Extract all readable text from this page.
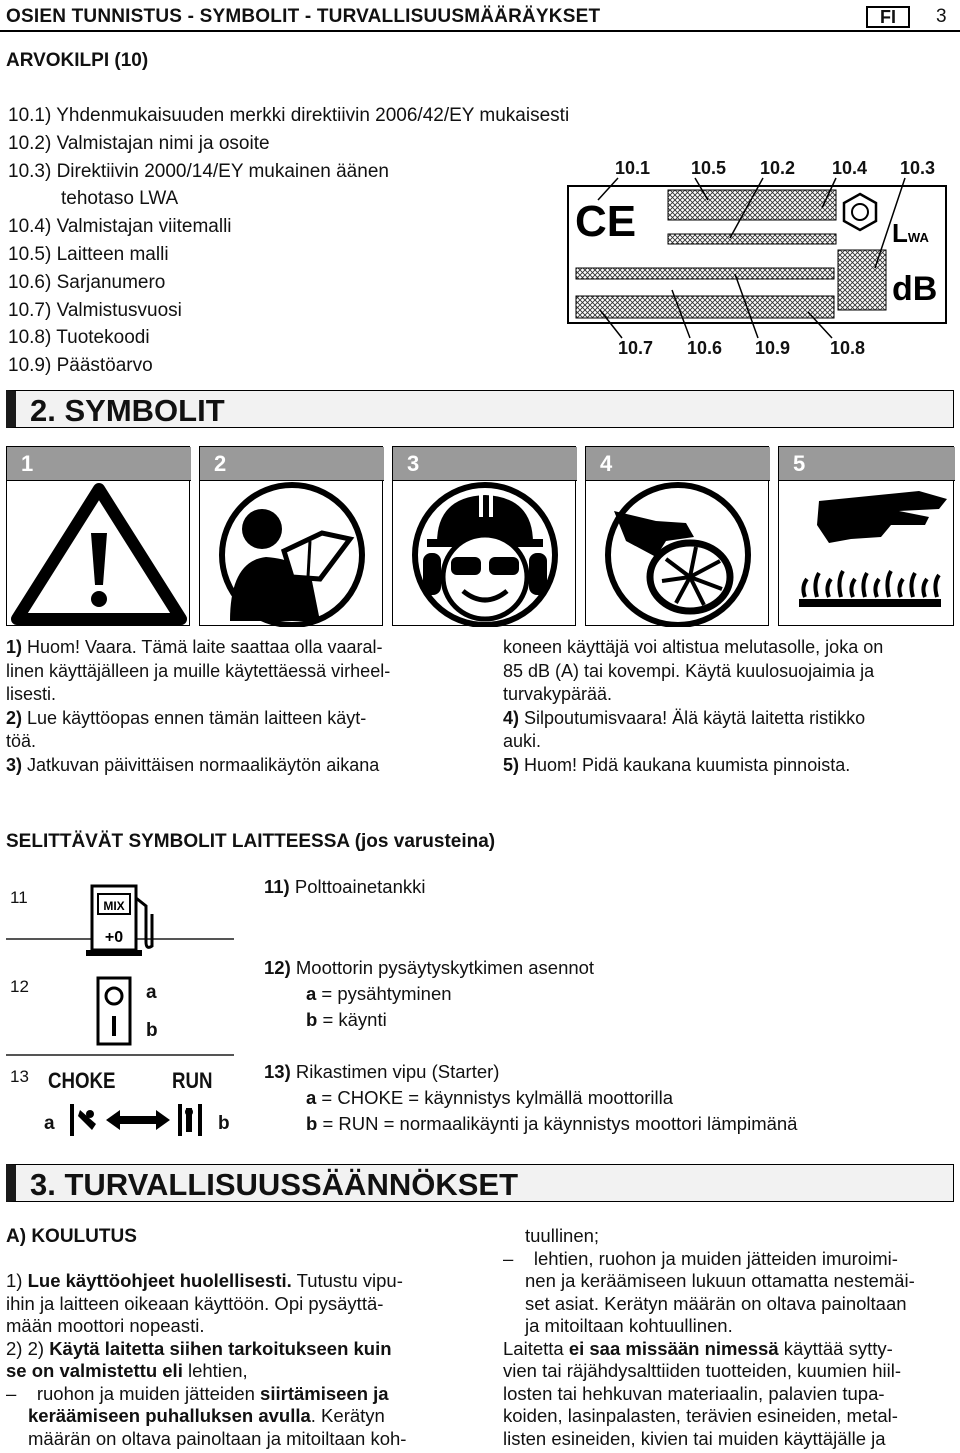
OSIEN TUNNISTUS - SYMBOLIT - TURVALLISUUSMÄÄRÄYKSET	FI	3
ARVOKILPI (10)
10.1) Yhdenmukaisuuden merkki direktiivin 2006/42/EY mukaisesti
10.2) Valmistajan nimi ja osoite
10.3) Direktiivin 2000/14/EY mukainen äänen
tehotaso LWA
10.4) Valmistajan viitemalli
10.5) Laitteen malli
10.6) Sarjanumero
10.7) Valmistusvuosi
10.8) Tuotekoodi
10.9) Päästöarvo
10.1 10.5 10.2 10.4 10.3
10.7 10.6 10.9 10.8
CE	LWA
dB
2. SYMBOLIT
1	2	3	4	5
1) Huom! Vaara. Tämä laite saattaa olla vaaral-
linen käyttäjälleen ja muille käytettäessä virheel-
lisesti.
2) Lue käyttöopas ennen tämän laitteen käyt-
töä.
3) Jatkuvan päivittäisen normaalikäytön aikana
koneen käyttäjä voi altistua melutasolle, joka on
85 dB (A) tai kovempi. Käytä kuulosuojaimia ja
turvakypärää.
4) Silpoutumisvaara! Älä käytä laitetta ristikko
auki.
5) Huom! Pidä kaukana kuumista pinnoista.
SELITTÄVÄT SYMBOLIT LAITTEESSA (jos varusteina)
11
12
13
MIX
+0
a
b
CHOKE	RUN
a	b
11) Polttoainetankki
12) Moottorin pysäytyskytkimen asennot
a = pysähtyminen
b = käynti
13) Rikastimen vipu (Starter)
a = CHOKE = käynnistys kylmällä moottorilla
b = RUN = normaalikäynti ja käynnistys moottori lämpimänä
3. TURVALLISUUSSÄÄNNÖKSET
A) KOULUTUS
1) Lue käyttöohjeet huolellisesti. Tutustu vipu-
ihin ja laitteen oikeaan käyttöön. Opi pysäyttä-
mään moottori nopeasti.
2) 2) Käytä laitetta siihen tarkoitukseen kuin
se on valmistettu eli lehtien,
– ruohon ja muiden jätteiden siirtämiseen ja
keräämiseen puhalluksen avulla. Kerätyn
määrän on oltava painoltaan ja mitoiltaan koh-
tuullinen;
– lehtien, ruohon ja muiden jätteiden imuroimi-
nen ja keräämiseen lukuun ottamatta nestemäi-
set asiat. Kerätyn määrän on oltava painoltaan
ja mitoiltaan kohtuullinen.
Laitetta ei saa missään nimessä käyttää sytty-
vien tai räjähdysalttiiden tuotteiden, kuumien hiil-
losten tai hehkuvan materiaalin, palavien tupa-
koiden, lasinpalasten, terävien esineiden, metal-
listen esineiden, kivien tai muiden käyttäjälle ja
